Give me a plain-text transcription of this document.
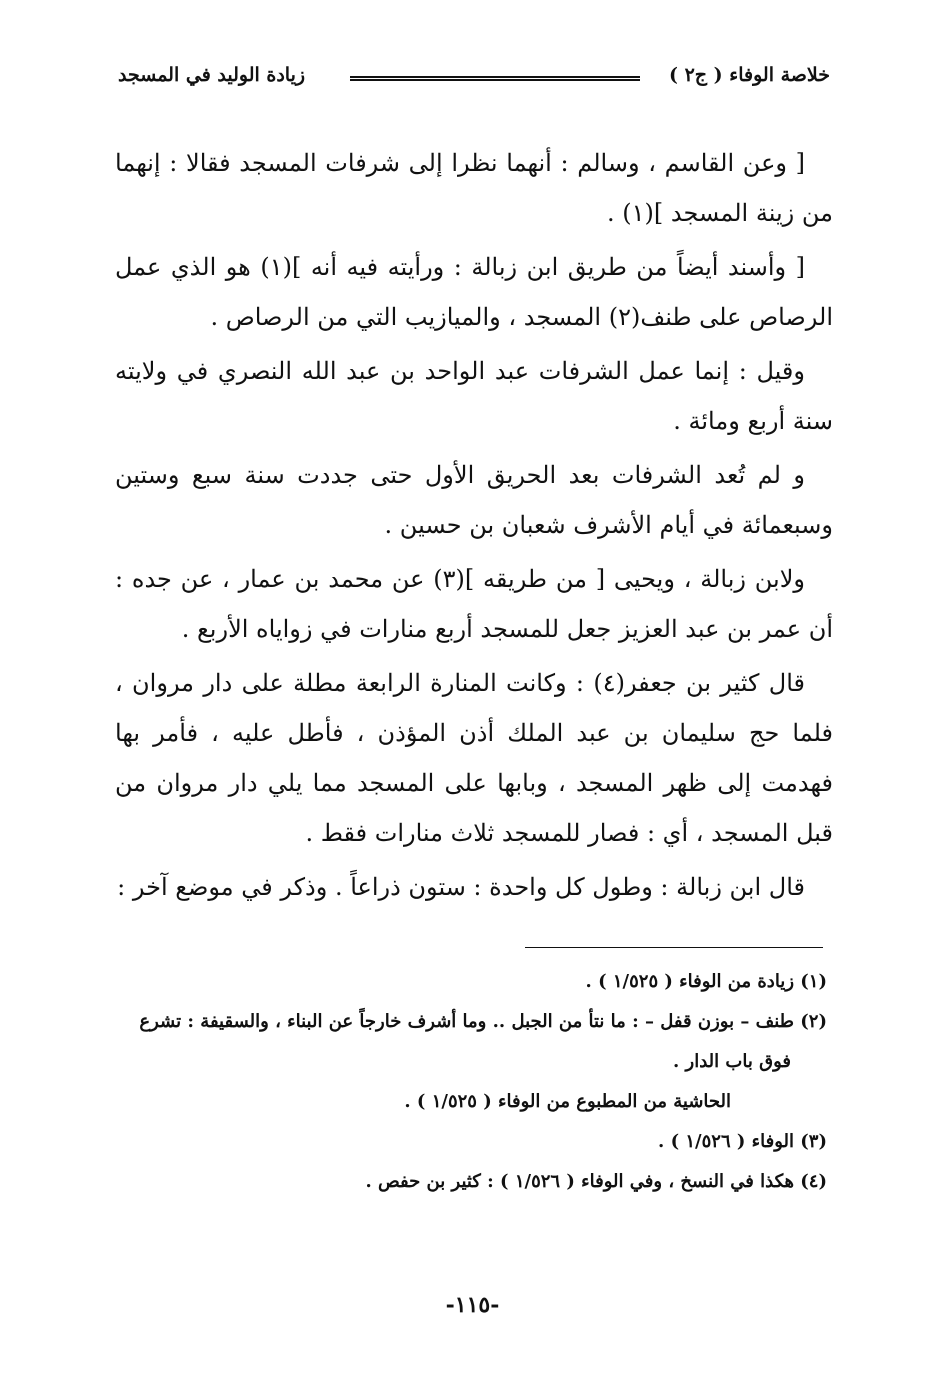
خلاصة الوفاء ( ج٢ )
زيادة الوليد في المسجد

[ وعن القاسم ، وسالم : أنهما نظرا إلى شرفات المسجد فقالا : إنهما من زينة المسجد ](١) .

[ وأسند أيضاً من طريق ابن زبالة : ورأيته فيه أنه ](١) هو الذي عمل الرصاص على طنف(٢) المسجد ، والميازيب التي من الرصاص .

وقيل : إنما عمل الشرفات عبد الواحد بن عبد الله النصري في ولايته سنة أربع ومائة .

و لم تُعد الشرفات بعد الحريق الأول حتى جددت سنة سبع وستين وسبعمائة في أيام الأشرف شعبان بن حسين .

ولابن زبالة ، ويحيى [ من طريقه ](٣) عن محمد بن عمار ، عن جده : أن عمر بن عبد العزيز جعل للمسجد أربع منارات في زواياه الأربع .

قال كثير بن جعفر(٤) : وكانت المنارة الرابعة مطلة على دار مروان ، فلما حج سليمان بن عبد الملك أذن المؤذن ، فأطل عليه ، فأمر بها فهدمت إلى ظهر المسجد ، وبابها على المسجد مما يلي دار مروان من قبل المسجد ، أي : فصار للمسجد ثلاث منارات فقط .

قال ابن زبالة : وطول كل واحدة : ستون ذراعاً . وذكر في موضع آخر :

(١) زيادة من الوفاء ( ١/٥٢٥ ) .

(٢) طنف – بوزن قفل – : ما نتأ من الجبل .. وما أشرف خارجاً عن البناء ، والسقيفة : تشرع

فوق باب الدار .

الحاشية من المطبوع من الوفاء ( ١/٥٢٥ ) .

(٣) الوفاء ( ١/٥٢٦ ) .

(٤) هكذا في النسخ ، وفي الوفاء ( ١/٥٢٦ ) : كثير بن حفص .

-١١٥-
